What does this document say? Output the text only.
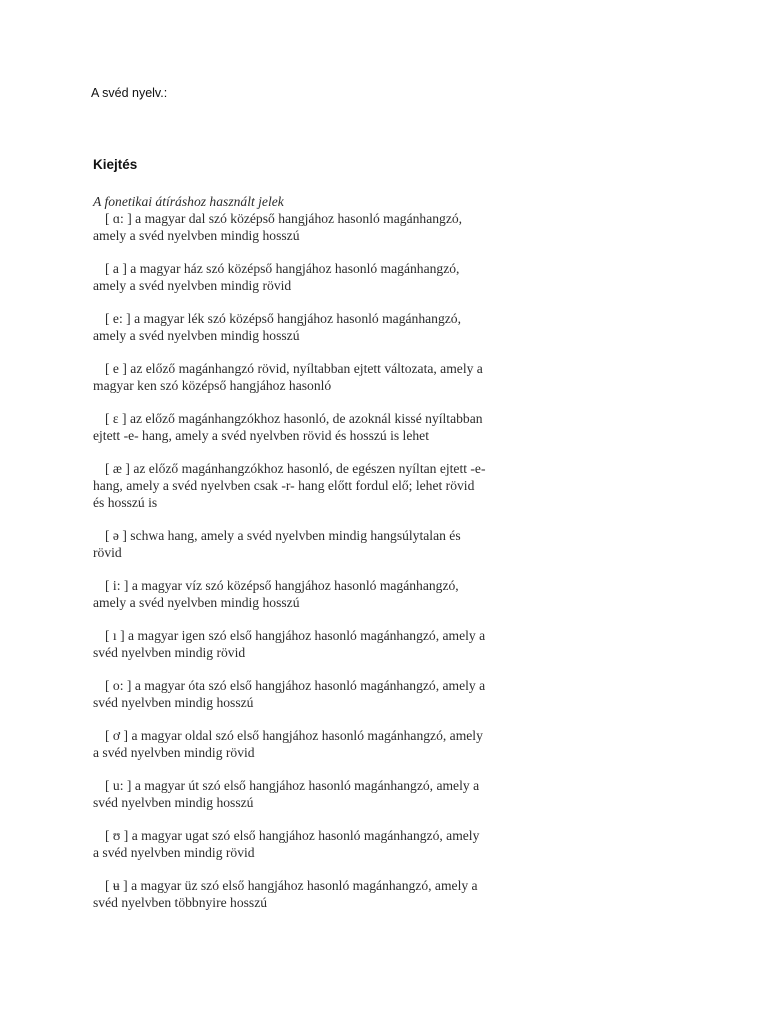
A svéd nyelv.:
Kiejtés

A fonetikai átíráshoz használt jelek

[ ɑ: ] a magyar dal szó középső hangjához hasonló magánhangzó,
amely a svéd nyelvben mindig hosszú
[ a ] a magyar ház szó középső hangjához hasonló magánhangzó,
amely a svéd nyelvben mindig rövid
[ e: ] a magyar lék szó középső hangjához hasonló magánhangzó,
amely a svéd nyelvben mindig hosszú
[ e ] az előző magánhangzó rövid, nyíltabban ejtett változata, amely a
magyar ken szó középső hangjához hasonló
[ ɛ ] az előző magánhangzókhoz hasonló, de azoknál kissé nyíltabban
ejtett -e- hang, amely a svéd nyelvben rövid és hosszú is lehet
[ æ ] az előző magánhangzókhoz hasonló, de egészen nyíltan ejtett -e-
hang, amely a svéd nyelvben csak -r- hang előtt fordul elő; lehet rövid
és hosszú is
[ ə ] schwa hang, amely a svéd nyelvben mindig hangsúlytalan és
rövid
[ i: ] a magyar víz szó középső hangjához hasonló magánhangzó,
amely a svéd nyelvben mindig hosszú
[ ı ] a magyar igen szó első hangjához hasonló magánhangzó, amely a
svéd nyelvben mindig rövid
[ o: ] a magyar óta szó első hangjához hasonló magánhangzó, amely a
svéd nyelvben mindig hosszú
[ ơ ] a magyar oldal szó első hangjához hasonló magánhangzó, amely
a svéd nyelvben mindig rövid
[ u: ] a magyar út szó első hangjához hasonló magánhangzó, amely a
svéd nyelvben mindig hosszú
[ ʊ ] a magyar ugat szó első hangjához hasonló magánhangzó, amely
a svéd nyelvben mindig rövid
[ ʉ ] a magyar üz szó első hangjához hasonló magánhangzó, amely a
svéd nyelvben többnyire hosszú
